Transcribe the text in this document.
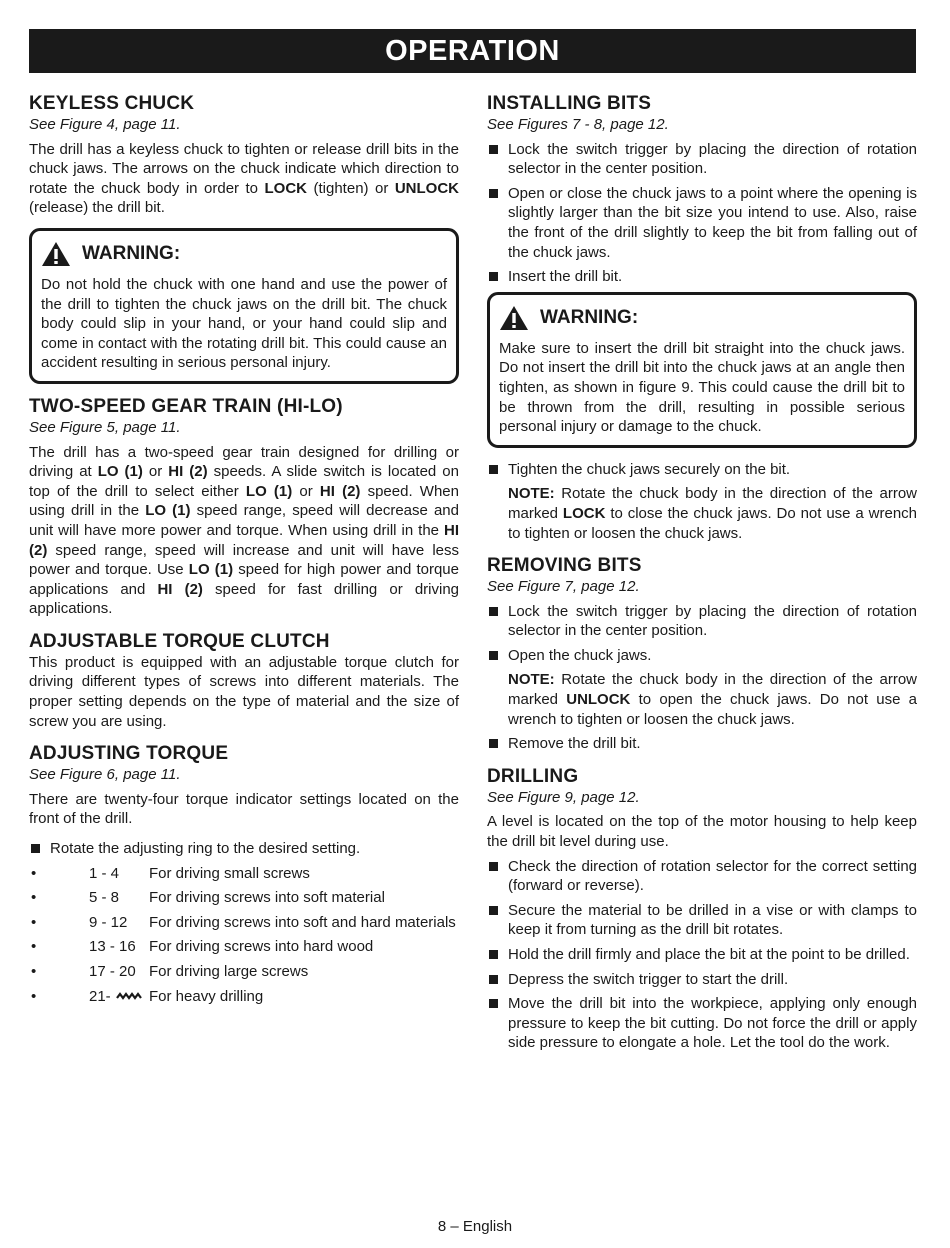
OPERATION
KEYLESS CHUCK
See Figure 4, page 11.

The drill has a keyless chuck to tighten or release drill bits in the chuck jaws. The arrows on the chuck indicate which direction to rotate the chuck body in order to LOCK (tighten) or UNLOCK (release) the drill bit.

WARNING:

Do not hold the chuck with one hand and use the power of the drill to tighten the chuck jaws on the drill bit. The chuck body could slip in your hand, or your hand could slip and come in contact with the rotating drill bit. This could cause an accident resulting in serious personal injury.

TWO-SPEED GEAR TRAIN (HI-LO)
See Figure 5, page 11.

The drill has a two-speed gear train designed for drilling or driving at LO (1) or HI (2) speeds. A slide switch is located on top of the drill to select either LO (1) or HI (2) speed. When using drill in the LO (1) speed range, speed will decrease and unit will have more power and torque. When using drill in the HI (2) speed range, speed will increase and unit will have less power and torque. Use LO (1) speed for high power and torque applications and HI (2) speed for fast drilling or driving applications.

ADJUSTABLE TORQUE CLUTCH

This product is equipped with an adjustable torque clutch for driving different types of screws into different materials. The proper setting depends on the type of material and the size of screw you are using.

ADJUSTING TORQUE
See Figure 6, page 11.

There are twenty-four torque indicator settings located on the front of the drill.

Rotate the adjusting ring to the desired setting.
•	1 - 4	For driving small screws
•	5 - 8	For driving screws into soft material
•	9 - 12	For driving screws into soft and hard materials
•	13 - 16 For driving screws into hard wood
•	17 - 20 For driving large screws
•	21-	For heavy drilling
INSTALLING BITS
See Figures 7 - 8, page 12.
Lock the switch trigger by placing the direction of rotation selector in the center position.
Open or close the chuck jaws to a point where the opening is slightly larger than the bit size you intend to use. Also, raise the front of the drill slightly to keep the bit from falling out of the chuck jaws.
Insert the drill bit.
WARNING:

Make sure to insert the drill bit straight into the chuck jaws. Do not insert the drill bit into the chuck jaws at an angle then tighten, as shown in figure 9. This could cause the drill bit to be thrown from the drill, resulting in possible serious personal injury or damage to the chuck.

Tighten the chuck jaws securely on the bit.
NOTE: Rotate the chuck body in the direction of the arrow marked LOCK to close the chuck jaws. Do not use a wrench to tighten or loosen the chuck jaws.
REMOVING BITS
See Figure 7, page 12.
Lock the switch trigger by placing the direction of rotation selector in the center position.
Open the chuck jaws.
NOTE: Rotate the chuck body in the direction of the arrow marked UNLOCK to open the chuck jaws. Do not use a wrench to tighten or loosen the chuck jaws.
Remove the drill bit.
DRILLING
See Figure 9, page 12.

A level is located on the top of the motor housing to help keep the drill bit level during use.

Check the direction of rotation selector for the correct setting (forward or reverse).
Secure the material to be drilled in a vise or with clamps to keep it from turning as the drill bit rotates.
Hold the drill firmly and place the bit at the point to be drilled.
Depress the switch trigger to start the drill.
Move the drill bit into the workpiece, applying only enough pressure to keep the bit cutting. Do not force the drill or apply side pressure to elongate a hole. Let the tool do the work.
8 – English
